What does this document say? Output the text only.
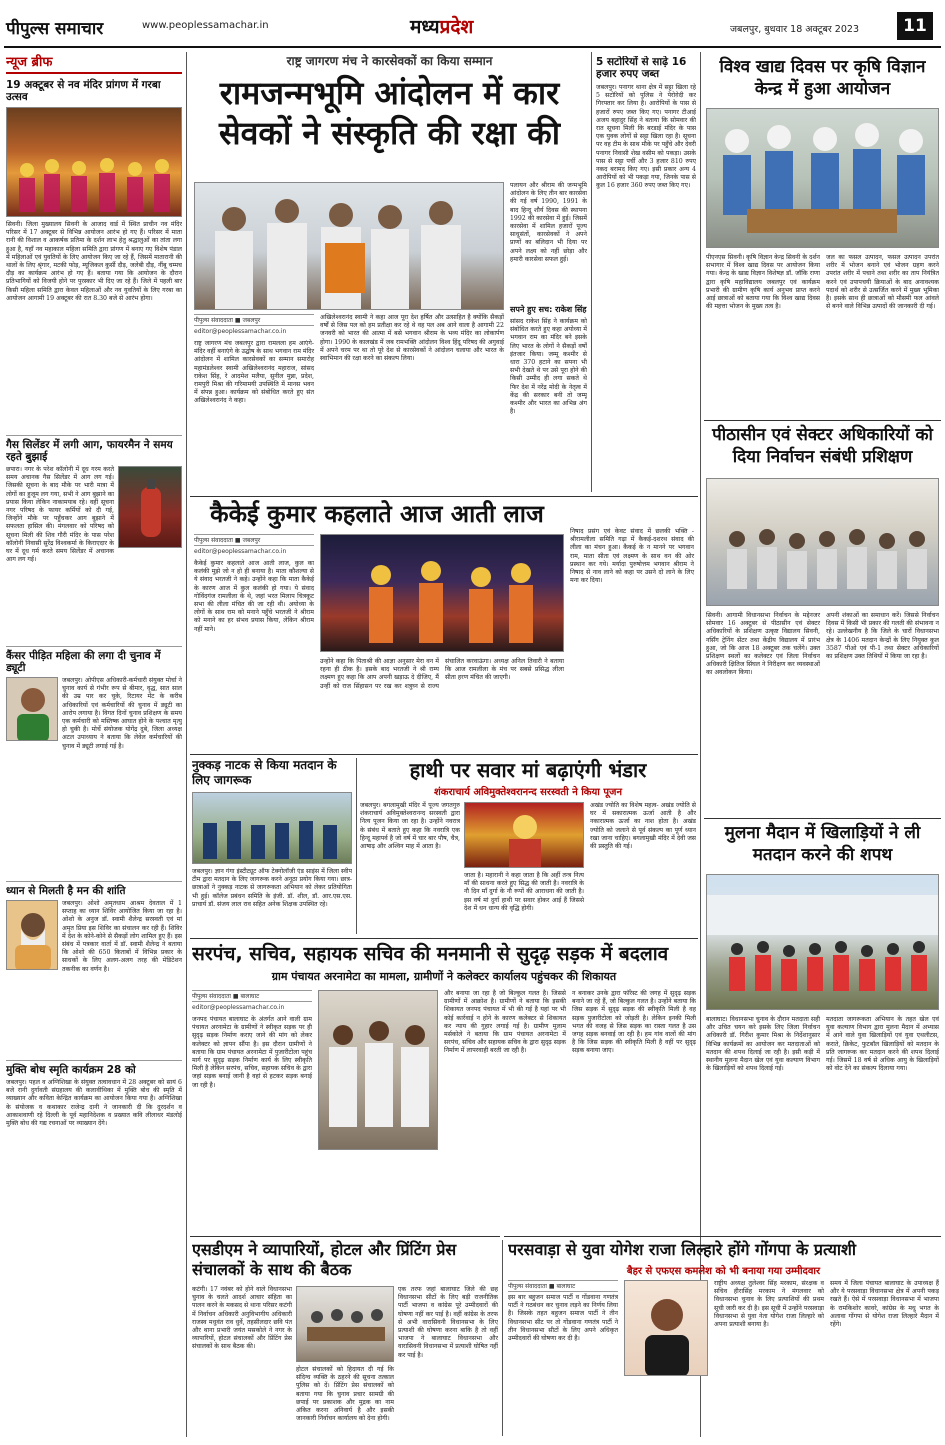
पीपुल्स समाचार	www.peoplessamachar.in	मध्यप्रदेश	जबलपुर, बुधवार 18 अक्टूबर 2023	11
न्यूज ब्रीफ
19 अक्टूबर से नव मंदिर प्रांगण में गरबा उत्सव
सिवनी। जिला मुख्यालय सिवनी के आजाद वार्ड में स्थित प्राचीन नव मंदिर परिसर में 17 अक्टूबर से विभिन्न आयोजन आरंभ हो गए हैं। परिसर में माता रानी की विशाल व आकर्षक प्रतिमा के दर्शन लाभ हेतु श्रद्धालुओं का तांता लगा हुआ है, यहाँ नव महाकाल महिला समिति द्वारा प्रांगण में बनाए गए विशेष पंडाल में महिलाओं एवं युवतियों के लिए आयोजन किए जा रहे हैं, जिसमें मातारानी की थालों के लिए श्रृंगार, मटकी फोड़, म्यूजिकल कुर्सी दौड़, जलेबी दौड़, नींबू चम्मच दौड़ का कार्यक्रम आरंभ हो गए हैं। बताया गया कि आयोजन के दौरान प्रतिभागियों को विजयी होने पर पुरस्कार भी दिए जा रहे हैं। जिले में पहली बार किसी महिला समिति द्वारा केवल महिलाओं और नव युवतियों के लिए गरबा का आयोजन आगामी 19 अक्टूबर की रात 8.30 बजे से आरंभ होगा।
गैस सिलेंडर में लगी आग, फायरमैन ने समय रहते बुझाई
छपारा। नगर के परेश कॉलोनी में दूध गरम करते समय अचानक गैस सिलेंडर में आग लग गई। जिसकी सूचना के बाद मौके पर भारी मात्रा में लोगों का हुजूम लग गया, सभी ने आग बुझाने का प्रयास किया लेकिन नाकामयाब रहे। वहीं सूचना नगर परिषद के फायर कर्मियों को दी गई, जिन्होंने मौके पर पहुँचकर आग बुझाने में सफलता हासिल की। मंगलवार को परिषद को सूचना मिली की शिव गौरी मंदिर के पास परेश कॉलोनी निवासी सुरेंद्र विश्वकर्मा के किराएदार के घर में दूध गर्म करते समय सिलेंडर में अचानक आग लग गई।
कैंसर पीड़ित महिला की लगा दी चुनाव में ड्यूटी
जबलपुर। ओपीएस अधिकारी-कर्मचारी संयुक्त मोर्चा ने चुनाव कार्य से गंभीर रूप से बीमार, वृद्ध, सात साल की उम्र पार कर चुके, रिटायर मेंट के करीब अधिकारियों एवं कर्मचारियों की चुनाव में ड्यूटी का आरोप लगाया है। विगत दिनों चुनाव प्रशिक्षण के समय एक कर्मचारी को मस्तिष्क आघात होने के पश्चात मृत्यु हो चुकी है। मोर्चे संयोजक योगेंद्र दुबे, जिला अध्यक्ष अटल उपाध्याय ने बताया कि लेवेल कर्मचारियों की चुनाव में ड्यूटी लगाई गई है।
ध्यान से मिलती है मन की शांति
जबलपुर। ओशो अमृतधाम आश्रम देवताल में 1 सप्ताह का ध्यान शिविर आयोजित किया जा रहा है। ओशो के अनुज डॉ. स्वामी शैलेन्द्र सरस्वती एवं मां अमृत प्रिया इस शिविर का संचालन कर रही हैं। शिविर में देश के कोने-कोने से सैकड़ों लोग शामिल हुए हैं। इस संबंध में पत्रकार वार्ता में डॉ. स्वामी शैलेन्द्र ने बताया कि ओशो की 650 किताबों में विभिन्न प्रकार के साधकों के लिए अलग-अलग तरह की मेडिटेशन तकनीक का वर्णन है।
मुक्ति बोध स्मृति कार्यक्रम 28 को
जबलपुर। पहल व अग्निशिखा के संयुक्त तत्वावधान में 28 अक्टूबर को सायं 6 बजे रानी दुर्गावती संग्रहालय की कलावीथिका में मुक्ति बोध की स्मृति में व्याख्यान और कविता केन्द्रित कार्यक्रम का आयोजन किया गया है। अग्निशिखा के संयोजक व कथाकार राजेन्द्र दानी ने जानकारी दी कि दुरदर्शन व आकाशवाणी रहे दिल्ली के पूर्व महानिदेशक व प्रख्यात कवि लीलाधर मंडलोई मुक्ति बोध की गद्य रचनाओं पर व्याख्यान देंगे।
राष्ट्र जागरण मंच ने कारसेवकों का किया सम्मान
रामजन्मभूमि आंदोलन में कार सेवकों ने संस्कृति की रक्षा की
पलायन और श्रीराम की जन्मभूमि आंदोलन के लिए तीन बार कारसेवा की गई वर्ष 1990, 1991 के बाद हिन्दू शौर्य दिवस की स्थापना 1992 की कारसेवा में हुई। जिसमें कारसेवा में शामिल हजारों पूज्य साधुसंतों, कारसेवकों ने अपने प्राणों का बलिदान भी दिया पर अपने लक्ष्य को नहीं छोड़ा और हमारी कारसेवा सफल हुई।
सपने हुए सच: राकेश सिंह
सांसद राकेश सिंह ने कार्यक्रम को संबोधित करते हुए कहा अयोध्या में भगवान राम का मंदिर बने इसके लिए भारत के लोगों ने सैकड़ों वर्षों इंतजार किया। जम्मू कश्मीर से धारा 370 हटाने का सपना भी सभी देखते थे पर उसे पूरा होने की किसी उम्मीद ही लगा सकते थे फिर देश में नरेंद्र मोदी के नेतृत्व में केंद्र की सरकार बनी तो जम्मू कश्मीर और भारत का अभिन्न अंग है।
पीपुल्स संवाददाता ■ जबलपुर
editor@peoplessamachar.co.in
राष्ट्र जागरण मंच जबलपुर द्वारा रामलला हम आएंगे-मंदिर वहीं बनाएंगे के उद्घोष के साथ भगवान राम मंदिर आंदोलन में शामिल कारसेवकों का सम्मान समारोह महामंडलेश्वर स्वामी अखिलेश्वरानंद महाराज, सांसद राकेश सिंह, रे आदमेश मलैया, सुनील मुन्ना, प्रदेश, रामपुरी मिश्रा की गरिमामयी उपस्थिति में मानस भवन में संपन्न हुआ। कार्यक्रम को संबोधित करते हुए संत अखिलेश्वरानंद ने कहा।
अखिलेश्वरानंद स्वामी ने कहा आज पूरा देश हर्षित और उत्साहित है क्योंकि सैकड़ों वर्षों से जिस पल को हम प्रतीक्षा कर रहे थे वह पल अब आने वाला है आगामी 22 जनवरी को भारत की आत्मा में बसे भगवान श्रीराम के भव्य मंदिर का लोकार्पण होगा। 1990 के कालखंड में जब रामभक्ति आंदोलन विश्व हिंदू परिषद की अगुवाई में अपने चरम पर था तो पूरे देश से कारसेवकों ने आंदोलन चलाया और भारत के स्वाभिमान की रक्षा करने का संकल्प लिया।
5 सटोरियों से साढ़े 16 हजार रुपए जब्त
जबलपुर। पनागर थाना क्षेत्र में सट्टा खिला रहे 5 सटोरियों को पुलिस ने पेरोग़ेदी कर गिरफ्तार कर लिया है। आरोपियों के पास से हजारों रुपए जब्त किए गए। पनागर टीआई अजय बहादुर सिंह ने बताया कि सोमवार की रात सूचना मिली कि बरडाई मंदिर के पास एक युवक लोगों से सट्टा खिला रहा है। सूचना पर वह टीम के साथ मौके पर पहुँचे और देवरी पनागर निवासी शेख वसीम को पकड़ा। उसके पास से सट्टा पर्ची और 3 हजार 810 रुपए नकद बरामद किए गए। इसी प्रकार अन्य 4 आरोपियों को भी पकड़ा गया, जिनके पास से कुल 16 हजार 360 रुपए जब्त किए गए।
विश्व खाद्य दिवस पर कृषि विज्ञान केन्द्र में हुआ आयोजन
पीएनएस सिवनी। कृषि विज्ञान केन्द्र सिवनी के दर्शन सभागार में विश्व खाद्य दिवस पर आयोजन किया गया। केन्द्र के खाद्य विज्ञान विशेषज्ञ डॉ. जॉकि राणा द्वारा कृषि महाविद्यालय जबलपुर एवं कार्यक्रम प्रभारी की ग्रामीण कृषि कार्य अनुभव प्राप्त करने आई छात्राओं को बताया गया कि विश्व खाद्य दिवस की महत्ता भोजन के मुख्य तत्व है।
जल का फसल उत्पादन, फसल उत्पादन उपरांत शरीर में भोजन बनाने एवं भोजन ग्रहण करने उपरांत शरीर में पचाने तथा शरीर का ताप नियंत्रित करने एवं उपापचयी क्रियाओं के बाद अनावश्यक पदार्थ को शरीर से उत्सर्जित करने में मुख्य भूमिका है। इसके साथ ही छात्राओं को मौसमी फल आंवले से बनने वाले विभिन्न उत्पादों की जानकारी दी गई।
पीठासीन एवं सेक्टर अधिकारियों को दिया निर्वाचन संबंधी प्रशिक्षण
सिवनी। आगामी विधानसभा निर्वाचन के मद्देनजर सोमवार 16 अक्टूबर से पीठासीन एवं सेक्टर अधिकारियों के प्रशिक्षण उत्कृष्ट विद्यालय सिवनी, नर्सिंग ट्रेनिंग सेंटर तथा केंद्रीय विद्यालय में प्रारंभ हुआ, जो कि आज 18 अक्टूबर तक चलेंगे। उक्त प्रशिक्षण स्थलों का कलेक्टर एवं जिला निर्वाचन अधिकारी क्षितिज सिंघल ने निरीक्षण कर व्यवस्थाओं का अवलोकन किया।
अपनी शंकाओं का समाधान करें। जिससे निर्वाचन दिवस में किसी भी प्रकार की गलती की संभावना न रहे। उल्लेखनीय है कि जिले के चारों विधानसभा क्षेत्र के 1406 मतदान केन्द्रों के लिए नियुक्त कुल 3587 पीओ एवं पी-1 तथा सेक्टर अधिकारियों का प्रशिक्षण उक्त तिथियों में किया जा रहा है।
कैकेई कुमार कहलाते आज आती लाज
पीपुल्स संवाददाता ■ जबलपुर
editor@peoplessamachar.co.in
कैकेई कुमार कहलाते आज आती लाज, कुल का कलंकी मुझे जो न हो ही बनाया है। माता कौशल्या से ये संवाद भरतजी ने कहे। उन्होंने कहा कि माता कैकेई के कारण आज में कुल कलंकी हो गया। ये संवाद गोविंदगंज रामलीला के थे, जहां भरत मिलाप चित्रकूट सभा की लीला मंचित की जा रही थी। अयोध्या के लोगों के साथ राम को मनाने पहुँचे भरतजी ने श्रीराम को मनाने का हर संभव प्रयास किया, लेकिन श्रीराम नहीं माने।
उन्होंने कहा कि पिताश्री की आज्ञा अनुसार मेरा वन में रहना ही ठीक है। इसके बाद भरतजी ने श्री राम्य लक्ष्मण हुए कहा कि आप अपनी खड़ाऊ दे दीजिए, मैं उन्हीं को राज सिंहासन पर रख कर शत्रुघ्न से राज्य संचालित करवाऊंगा। अध्यक्ष अनिल तिवारी ने बताया कि आज रामलीला के मंच पर सबसे प्रसिद्ध लीला सीता हरण मंचित की जाएगी।
निषाद प्रसंग एवं केवट संवाद में छलकी भक्ति - श्रीरामलीला समिति गढ़ा में कैकई-दशरथ संवाद की लीला का मंचन हुआ। कैकई के न मानने पर भगवान राम, माता सीता एवं लक्ष्मण के साथ वन की ओर प्रस्थान कर गये। मर्यादा पुरुषोत्तम भगवान श्रीराम ने निषाद से नाव लाने को कहा पर उसने दो लाने के लिए मना कर दिया।
नुक्कड़ नाटक से किया मतदान के लिए जागरूक
जबलपुर। ज्ञान गंगा इंस्टीट्यूट ऑफ टेक्नोलॉजी एंड साइंस में जिला स्वीप टीम द्वारा मतदान के लिए जागरूक करने अनूठा प्रयोग किया गया। छात्र-छात्राओं ने नुक्कड़ नाटक से जागरूकता अभियान को लेकर प्रतियोगिता भी हुई। कॉलेज प्रबंधन समिति के इंजी. डॉ. शील, डॉ. आर.एस.एस. प्राचार्य डॉ. संजय लाल राव सहित अनेक शिक्षक उपस्थित रहे।
हाथी पर सवार मां बढ़ाएंगी भंडार
शंकराचार्य अविमुक्तेश्वरानन्द सरस्वती ने किया पूजन
जबलपुर। बगलामुखी मंदिर में पूज्य जगतगुरु शंकराचार्य अविमुक्तेश्वरानन्द सरस्वती द्वारा नित्य पूजन किया जा रहा है। उन्होंने नवरात्र के संबंध में बताते हुए कहा कि नवरात्रि एक हिन्दू महापर्व है जो वर्ष में चार बार पौष, चैत्र, आषाढ़ और अश्विन माह में आता है।
जाता है। महारानी ने कहा जाता है कि अहीं तन्त्र नित्य माँ की साधना करते हुए सिद्ध की जाती है। नवरात्रि के नौ दिन माँ दुर्गा के नौ रूपों की आराधना की जाती है। इस वर्ष मां दुर्गा हाथी पर सवार होकर आई हैं जिससे देश में धन धान्य की वृद्धि होगी।
अखंड ज्योति का विशेष महत्व- अखंड ज्योति से घर में सकारात्मक ऊर्जा आती है और नकारात्मक ऊर्जा का नाश होता है। अखंड ज्योति को जलाने से पूर्व संकल्प का पूर्ण ध्यान रखा जाना चाहिए। बगलामुखी मंदिर में देवी जस की प्रस्तुति की गई।
मुलना मैदान में खिलाड़ियों ने ली मतदान करने की शपथ
बालाघाट। विधानसभा चुनाव के दौरान मतदाता सही और उचित चयन करे इसके लिए जिला निर्वाचन अधिकारी डॉ. गिरीश कुमार मिश्रा के निर्देशानुसार विभिन्न कार्यक्रमों का आयोजन कर मतदाताओं को मतदान की शपथ दिलाई जा रही है। इसी कड़ी में स्थानीय मुलना मैदान खेल एवं युवा कल्याण विभाग के खिलाड़ियों को शपथ दिलाई गई।
मतदाता जागरूकता अभियान के तहत खेल एवं युवा कल्याण विभाग द्वारा मुलना मैदान में अभ्यास में आने वाले युवा खिलाड़ियों एवं युवा एथलीटस, कराते, क्रिकेट, फुटबॉल खिलाड़ियों को मतदान के प्रति जागरूक कर मतदान करने की शपथ दिलाई गई। जिसमें 18 वर्ष से अधिक आयु के खिलाड़ियों को वोट देने का संकल्प दिलाया गया।
सरपंच, सचिव, सहायक सचिव की मनमानी से सुदृढ़ सड़क में बदलाव
ग्राम पंचायत अरनामेटा का मामला, ग्रामीणों ने कलेक्टर कार्यालय पहुंचकर की शिकायत
पीपुल्स संवाददाता ■ बालाघाट
editor@peoplessamachar.co.in
जनपद पंचायत बालाघाट के अंतर्गत आने वाली ग्राम पंचायत अरनामेटा के ग्रामीणों ने स्वीकृत सड़क पर ही सुदृढ़ सड़क निर्माण कराए जाने की मांग को लेकर कलेक्टर को ज्ञापन सौंपा है। इस दौरान ग्रामीणों ने बताया कि ग्राम पंचायत अरनामेटा में पुजारीटोला पहुंच मार्ग पर सुदृढ़ सड़क निर्माण कार्य के लिए स्वीकृति मिली है लेकिन सरपंच, सचिव, सहायक सचिव के द्वारा जहां सड़क बनाई जानी है वहां से हटकर सड़क बनाई जा रही है।
और बनाया जा रहा है जो बिल्कुल गलत है। जिससे ग्रामीणों में आक्रोश है। ग्रामीणों ने बताया कि इसकी शिकायत जनपद पंचायत में भी की गई है यहां पर भी कोई कार्रवाई न होने के कारण कलेक्टर से शिकायत कर न्याय की गुहार लगाई गई है। ग्रामीण मुलाम मर्सकोले ने बताया कि ग्राम पंचायत अरनामेटा में सरपंच, सचिव और सहायक सचिव के द्वारा सुदृढ़ सड़क निर्माण में लापरवाही बरती जा रही है।
न बनाकर उनके द्वारा फॉरेस्ट की जगह में सुदृढ़ सड़क बनाने जा रहे हैं, जो बिल्कुल गलत है। उन्होंने बताया कि जिस सड़क में सुदृढ़ सड़क की स्वीकृति मिली है वह सड़क पुजारीटोला को जोड़ती है। लेकिन इनकी मिली भगत की वजह से जिस सड़क का रास्ता गलत है उस जगह सड़क बनवाई जा रही है। हम गांव वालों की मांग है कि जिस सड़क की स्वीकृति मिली है वहीं पर सुदृढ़ सड़क बनाया जाए।
एसडीएम ने व्यापारियों, होटल और प्रिंटिंग प्रेस संचालकों के साथ की बैठक
कटंगी। 17 नवंबर को होने वाले विधानसभा चुनाव के चलते आदर्श आचार संहिता का पालन करने के मकसद से थाना परिसर कटंगी में निर्वाचन अधिकारी अनुविभागीय अधिकारी राजस्व मधुवंत राव धुर्वे, तहसीलदार छवि पंत और थाना प्रभारी जयंत मसकोले ने नगर के व्यापारियों, होटल संचालकों और प्रिंटिंग प्रेस संचालकों के साथ बैठक की।
होटल संचालकों को हिदायत दी गई कि संदिग्ध व्यक्ति के ठहरने की सूचना तत्काल पुलिस को दें। प्रिंटिंग प्रेस संचालकों को बताया गया कि चुनाव प्रचार सामग्री की छपाई पर प्रकाशक और मुद्रक का नाम अंकित करना अनिवार्य है और इसकी जानकारी निर्वाचन कार्यालय को देना होगी।
एक तरफ जहां बालाघाट जिले की छह विधानसभा सीटों के लिए बड़ी राजनीतिक पार्टी भाजपा व कांग्रेस पूरे उम्मीदवारों की घोषणा नहीं कर पाई है। वहीं कांग्रेस के तरफ से अभी वारासिवनी विधानसभा के लिए प्रत्याशी की घोषणा करना बाकि है तो वहीं भाजपा ने बालाघाट विधानसभा और वारासिवनी विधानसभा में प्रत्याशी घोषित नहीं कर पाई है।
परसवाड़ा से युवा योगेश राजा लिल्हारे होंगे गोंगपा के प्रत्याशी
बैहर से एफएस कमलेश को भी बनाया गया उम्मीदवार
पीपुल्स संवाददाता ■ बालाघाट
इस बार बहुजन समाज पार्टी व गोंडवाना गणतंत्र पार्टी ने गठबंधन कर चुनाव लड़ने का निर्णय लिया है। जिसके तहत बहुजन समाज पार्टी ने तीन विधानसभा सीट पर तो गोंडवाना गणतंत्र पार्टी ने तीन विधानसभा सीटों के लिए अपने अधिकृत उम्मीदवारों की घोषणा कर दी है।
राष्ट्रीय अध्यक्ष तुलेश्वर सिंह मरकाम, संरक्षक व सचिव हीरासिंह मरकाम ने मंगलवार को विधानसभा चुनाव के लिए प्रत्याशियों की प्रथम सूची जारी कर दी है। इस सूची में उन्होंने परसवाड़ा विधानसभा से युवा नेता योगेश राजा लिल्हारे को अपना प्रत्याशी बनाया है।
समय में जिला पंचायत बालाघाट के उपाध्यक्ष हैं और ये परसवाड़ा विधानसभा क्षेत्र में अपनी पकड़ रखते हैं। ऐसे में परसवाड़ा विधानसभा में भाजपा के रामकिशोर कावरे, कांग्रेस के मधु भगत के अलावा गोंगपा से योगेश राजा लिल्हारे मैदान में रहेंगे।
